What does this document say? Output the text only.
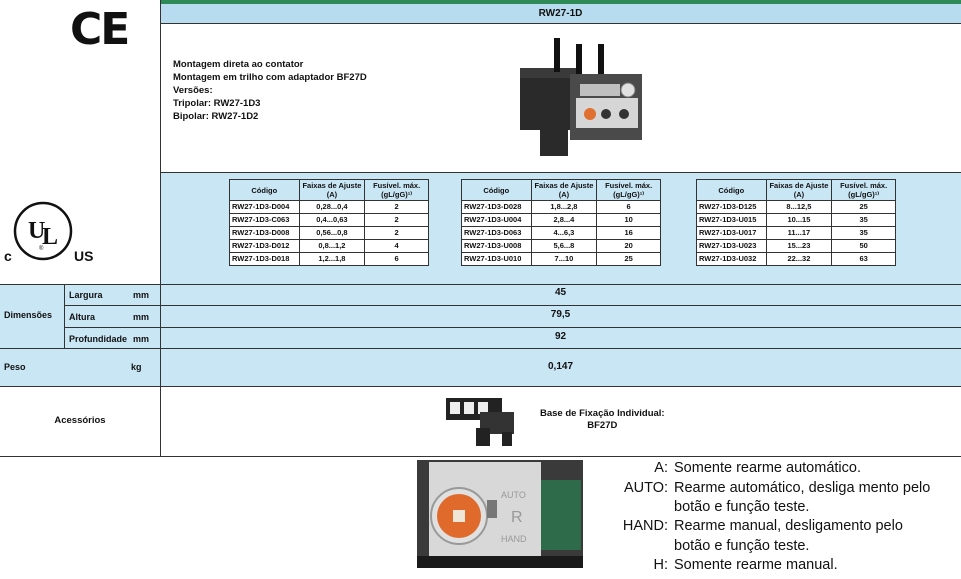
RW27-1D
CE
U
L
®
c	US
Montagem direta ao contator
Montagem em trilho com adaptador BF27D
Versões:
Tripolar: RW27-1D3
Bipolar: RW27-1D2
Código	Faixas de Ajuste (A)	Fusível. máx. (gL/gG)¹⁾
RW27-1D3-D004	0,28...0,4	2
RW27-1D3-C063	0,4...0,63	2
RW27-1D3-D008	0,56...0,8	2
RW27-1D3-D012	0,8...1,2	4
RW27-1D3-D018	1,2...1,8	6
Código	Faixas de Ajuste (A)	Fusível. máx. (gL/gG)¹⁾
RW27-1D3-D028	1,8...2,8	6
RW27-1D3-U004	2,8...4	10
RW27-1D3-D063	4...6,3	16
RW27-1D3-U008	5,6...8	20
RW27-1D3-U010	7...10	25
Código	Faixas de Ajuste (A)	Fusível. máx. (gL/gG)¹⁾
RW27-1D3-D125	8...12,5	25
RW27-1D3-U015	10...15	35
RW27-1D3-U017	11...17	35
RW27-1D3-U023	15...23	50
RW27-1D3-U032	22...32	63
Dimensões
Largura	mm	45
Altura	mm	79,5
Profundidade mm	92
Peso	kg	0,147
Acessórios
Base de Fixação Individual:
BF27D
AUTO
R
HAND
A: Somente rearme automático.
AUTO: Rearme automático, desliga mento pelo
botão e função teste.
HAND: Rearme manual, desligamento pelo
botão e função teste.
H: Somente rearme manual.
